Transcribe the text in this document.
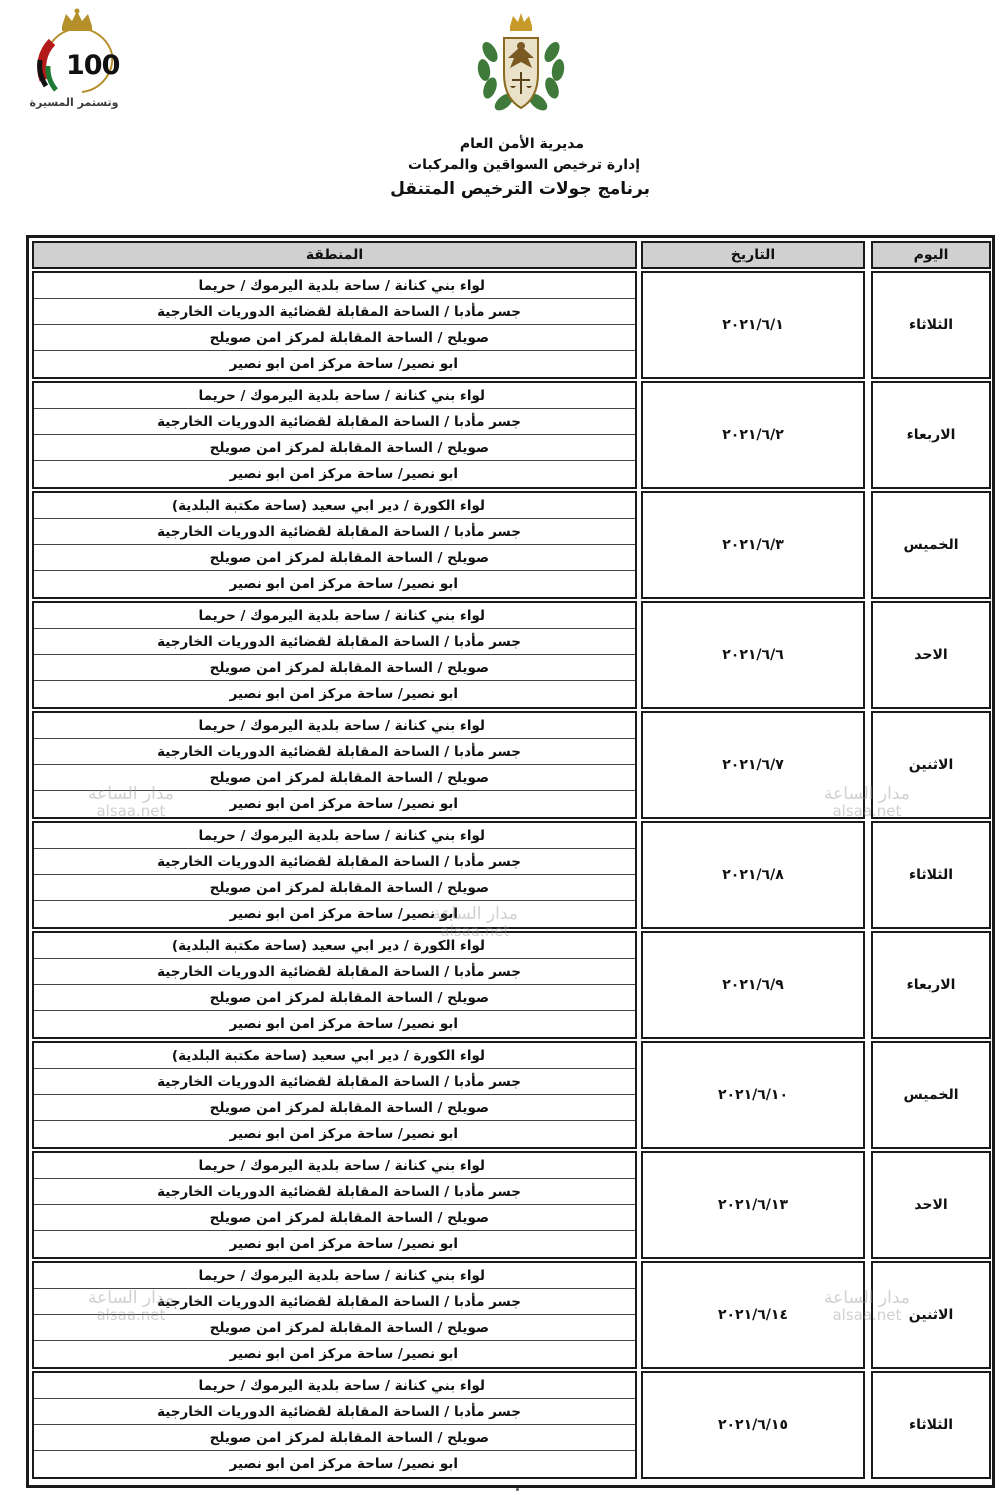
100
وتستمر المسيرة
مديرية الأمن العام
إدارة ترخيص السواقين والمركبات
برنامج جولات الترخيص المتنقل
المنطقة	التاريخ	اليوم
لواء بني كنانة / ساحة بلدية اليرموك / حريما
جسر مأدبا / الساحة المقابلة لقضائية الدوريات الخارجية
صويلح / الساحة المقابلة لمركز امن صويلح
ابو نصير/ ساحة مركز امن ابو نصير
٢٠٢١/٦/١	الثلاثاء
لواء بني كنانة / ساحة بلدية اليرموك / حريما
جسر مأدبا / الساحة المقابلة لقضائية الدوريات الخارجية
صويلح / الساحة المقابلة لمركز امن صويلح
ابو نصير/ ساحة مركز امن ابو نصير
٢٠٢١/٦/٢	الاربعاء
لواء الكورة / دير ابي سعيد (ساحة مكتبة البلدية)
جسر مأدبا / الساحة المقابلة لقضائية الدوريات الخارجية
صويلح / الساحة المقابلة لمركز امن صويلح
ابو نصير/ ساحة مركز امن ابو نصير
٢٠٢١/٦/٣	الخميس
لواء بني كنانة / ساحة بلدية اليرموك / حريما
جسر مأدبا / الساحة المقابلة لقضائية الدوريات الخارجية
صويلح / الساحة المقابلة لمركز امن صويلح
ابو نصير/ ساحة مركز امن ابو نصير
٢٠٢١/٦/٦	الاحد
لواء بني كنانة / ساحة بلدية اليرموك / حريما
جسر مأدبا / الساحة المقابلة لقضائية الدوريات الخارجية
صويلح / الساحة المقابلة لمركز امن صويلح
ابو نصير/ ساحة مركز امن ابو نصير
٢٠٢١/٦/٧	الاثنين
لواء بني كنانة / ساحة بلدية اليرموك / حريما
جسر مأدبا / الساحة المقابلة لقضائية الدوريات الخارجية
صويلح / الساحة المقابلة لمركز امن صويلح
ابو نصير/ ساحة مركز امن ابو نصير
٢٠٢١/٦/٨	الثلاثاء
لواء الكورة / دير ابي سعيد (ساحة مكتبة البلدية)
جسر مأدبا / الساحة المقابلة لقضائية الدوريات الخارجية
صويلح / الساحة المقابلة لمركز امن صويلح
ابو نصير/ ساحة مركز امن ابو نصير
٢٠٢١/٦/٩	الاربعاء
لواء الكورة / دير ابي سعيد (ساحة مكتبة البلدية)
جسر مأدبا / الساحة المقابلة لقضائية الدوريات الخارجية
صويلح / الساحة المقابلة لمركز امن صويلح
ابو نصير/ ساحة مركز امن ابو نصير
٢٠٢١/٦/١٠	الخميس
لواء بني كنانة / ساحة بلدية اليرموك / حريما
جسر مأدبا / الساحة المقابلة لقضائية الدوريات الخارجية
صويلح / الساحة المقابلة لمركز امن صويلح
ابو نصير/ ساحة مركز امن ابو نصير
٢٠٢١/٦/١٣	الاحد
لواء بني كنانة / ساحة بلدية اليرموك / حريما
جسر مأدبا / الساحة المقابلة لقضائية الدوريات الخارجية
صويلح / الساحة المقابلة لمركز امن صويلح
ابو نصير/ ساحة مركز امن ابو نصير
٢٠٢١/٦/١٤	الاثنين
لواء بني كنانة / ساحة بلدية اليرموك / حريما
جسر مأدبا / الساحة المقابلة لقضائية الدوريات الخارجية
صويلح / الساحة المقابلة لمركز امن صويلح
ابو نصير/ ساحة مركز امن ابو نصير
٢٠٢١/٦/١٥	الثلاثاء
مدار الساعة
alsaa.net
مدار الساعة
alsaa.net
مدار الساعة
alsaa.net
مدار الساعة
alsaa.net
مدار الساعة
alsaa.net
